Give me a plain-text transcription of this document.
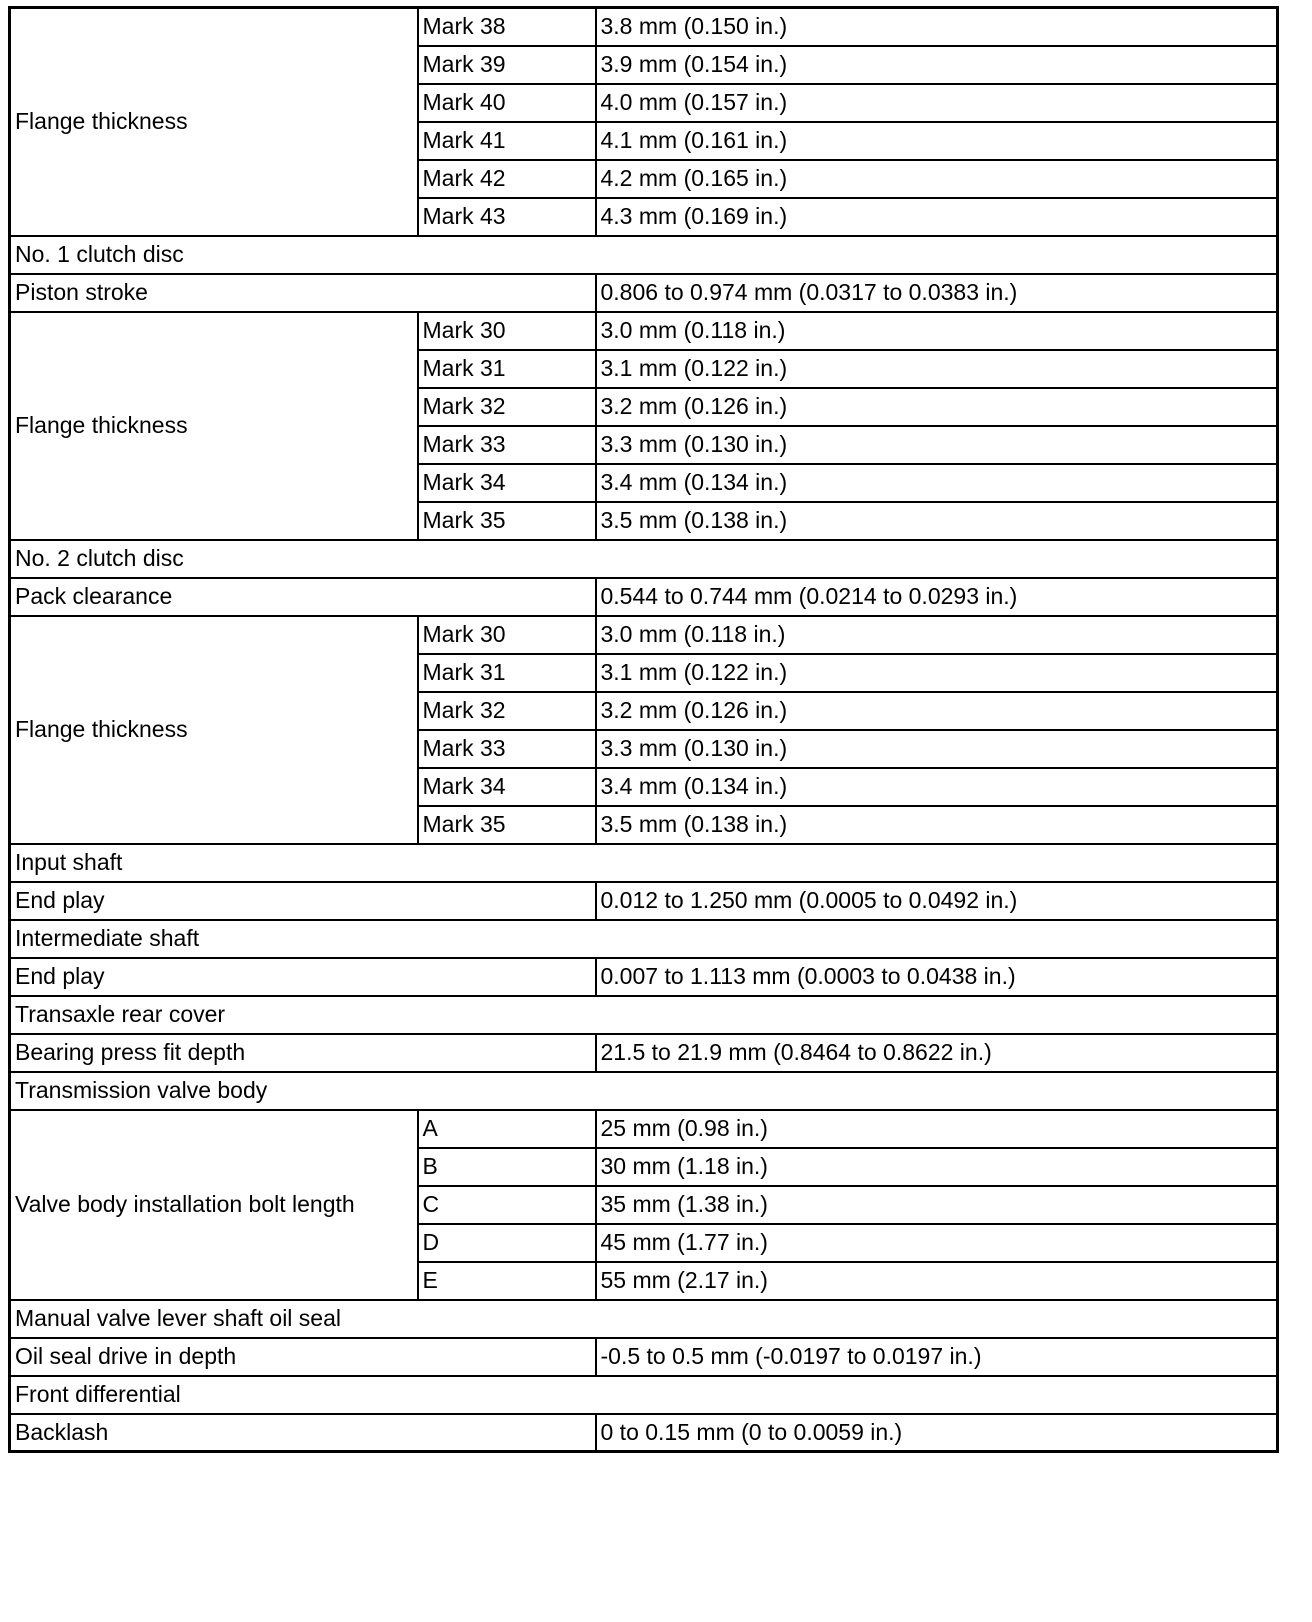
Flange thickness	Mark 38	3.8 mm (0.150 in.)
	Mark 39	3.9 mm (0.154 in.)
	Mark 40	4.0 mm (0.157 in.)
	Mark 41	4.1 mm (0.161 in.)
	Mark 42	4.2 mm (0.165 in.)
	Mark 43	4.3 mm (0.169 in.)
No. 1 clutch disc		
Piston stroke		0.806 to 0.974 mm (0.0317 to 0.0383 in.)
Flange thickness	Mark 30	3.0 mm (0.118 in.)
	Mark 31	3.1 mm (0.122 in.)
	Mark 32	3.2 mm (0.126 in.)
	Mark 33	3.3 mm (0.130 in.)
	Mark 34	3.4 mm (0.134 in.)
	Mark 35	3.5 mm (0.138 in.)
No. 2 clutch disc		
Pack clearance		0.544 to 0.744 mm (0.0214 to 0.0293 in.)
Flange thickness	Mark 30	3.0 mm (0.118 in.)
	Mark 31	3.1 mm (0.122 in.)
	Mark 32	3.2 mm (0.126 in.)
	Mark 33	3.3 mm (0.130 in.)
	Mark 34	3.4 mm (0.134 in.)
	Mark 35	3.5 mm (0.138 in.)
Input shaft		
End play		0.012 to 1.250 mm (0.0005 to 0.0492 in.)
Intermediate shaft		
End play		0.007 to 1.113 mm (0.0003 to 0.0438 in.)
Transaxle rear cover		
Bearing press fit depth		21.5 to 21.9 mm (0.8464 to 0.8622 in.)
Transmission valve body		
Valve body installation bolt length	A	25 mm (0.98 in.)
	B	30 mm (1.18 in.)
	C	35 mm (1.38 in.)
	D	45 mm (1.77 in.)
	E	55 mm (2.17 in.)
Manual valve lever shaft oil seal		
Oil seal drive in depth		-0.5 to 0.5 mm (-0.0197 to 0.0197 in.)
Front differential		
Backlash		0 to 0.15 mm (0 to 0.0059 in.)
